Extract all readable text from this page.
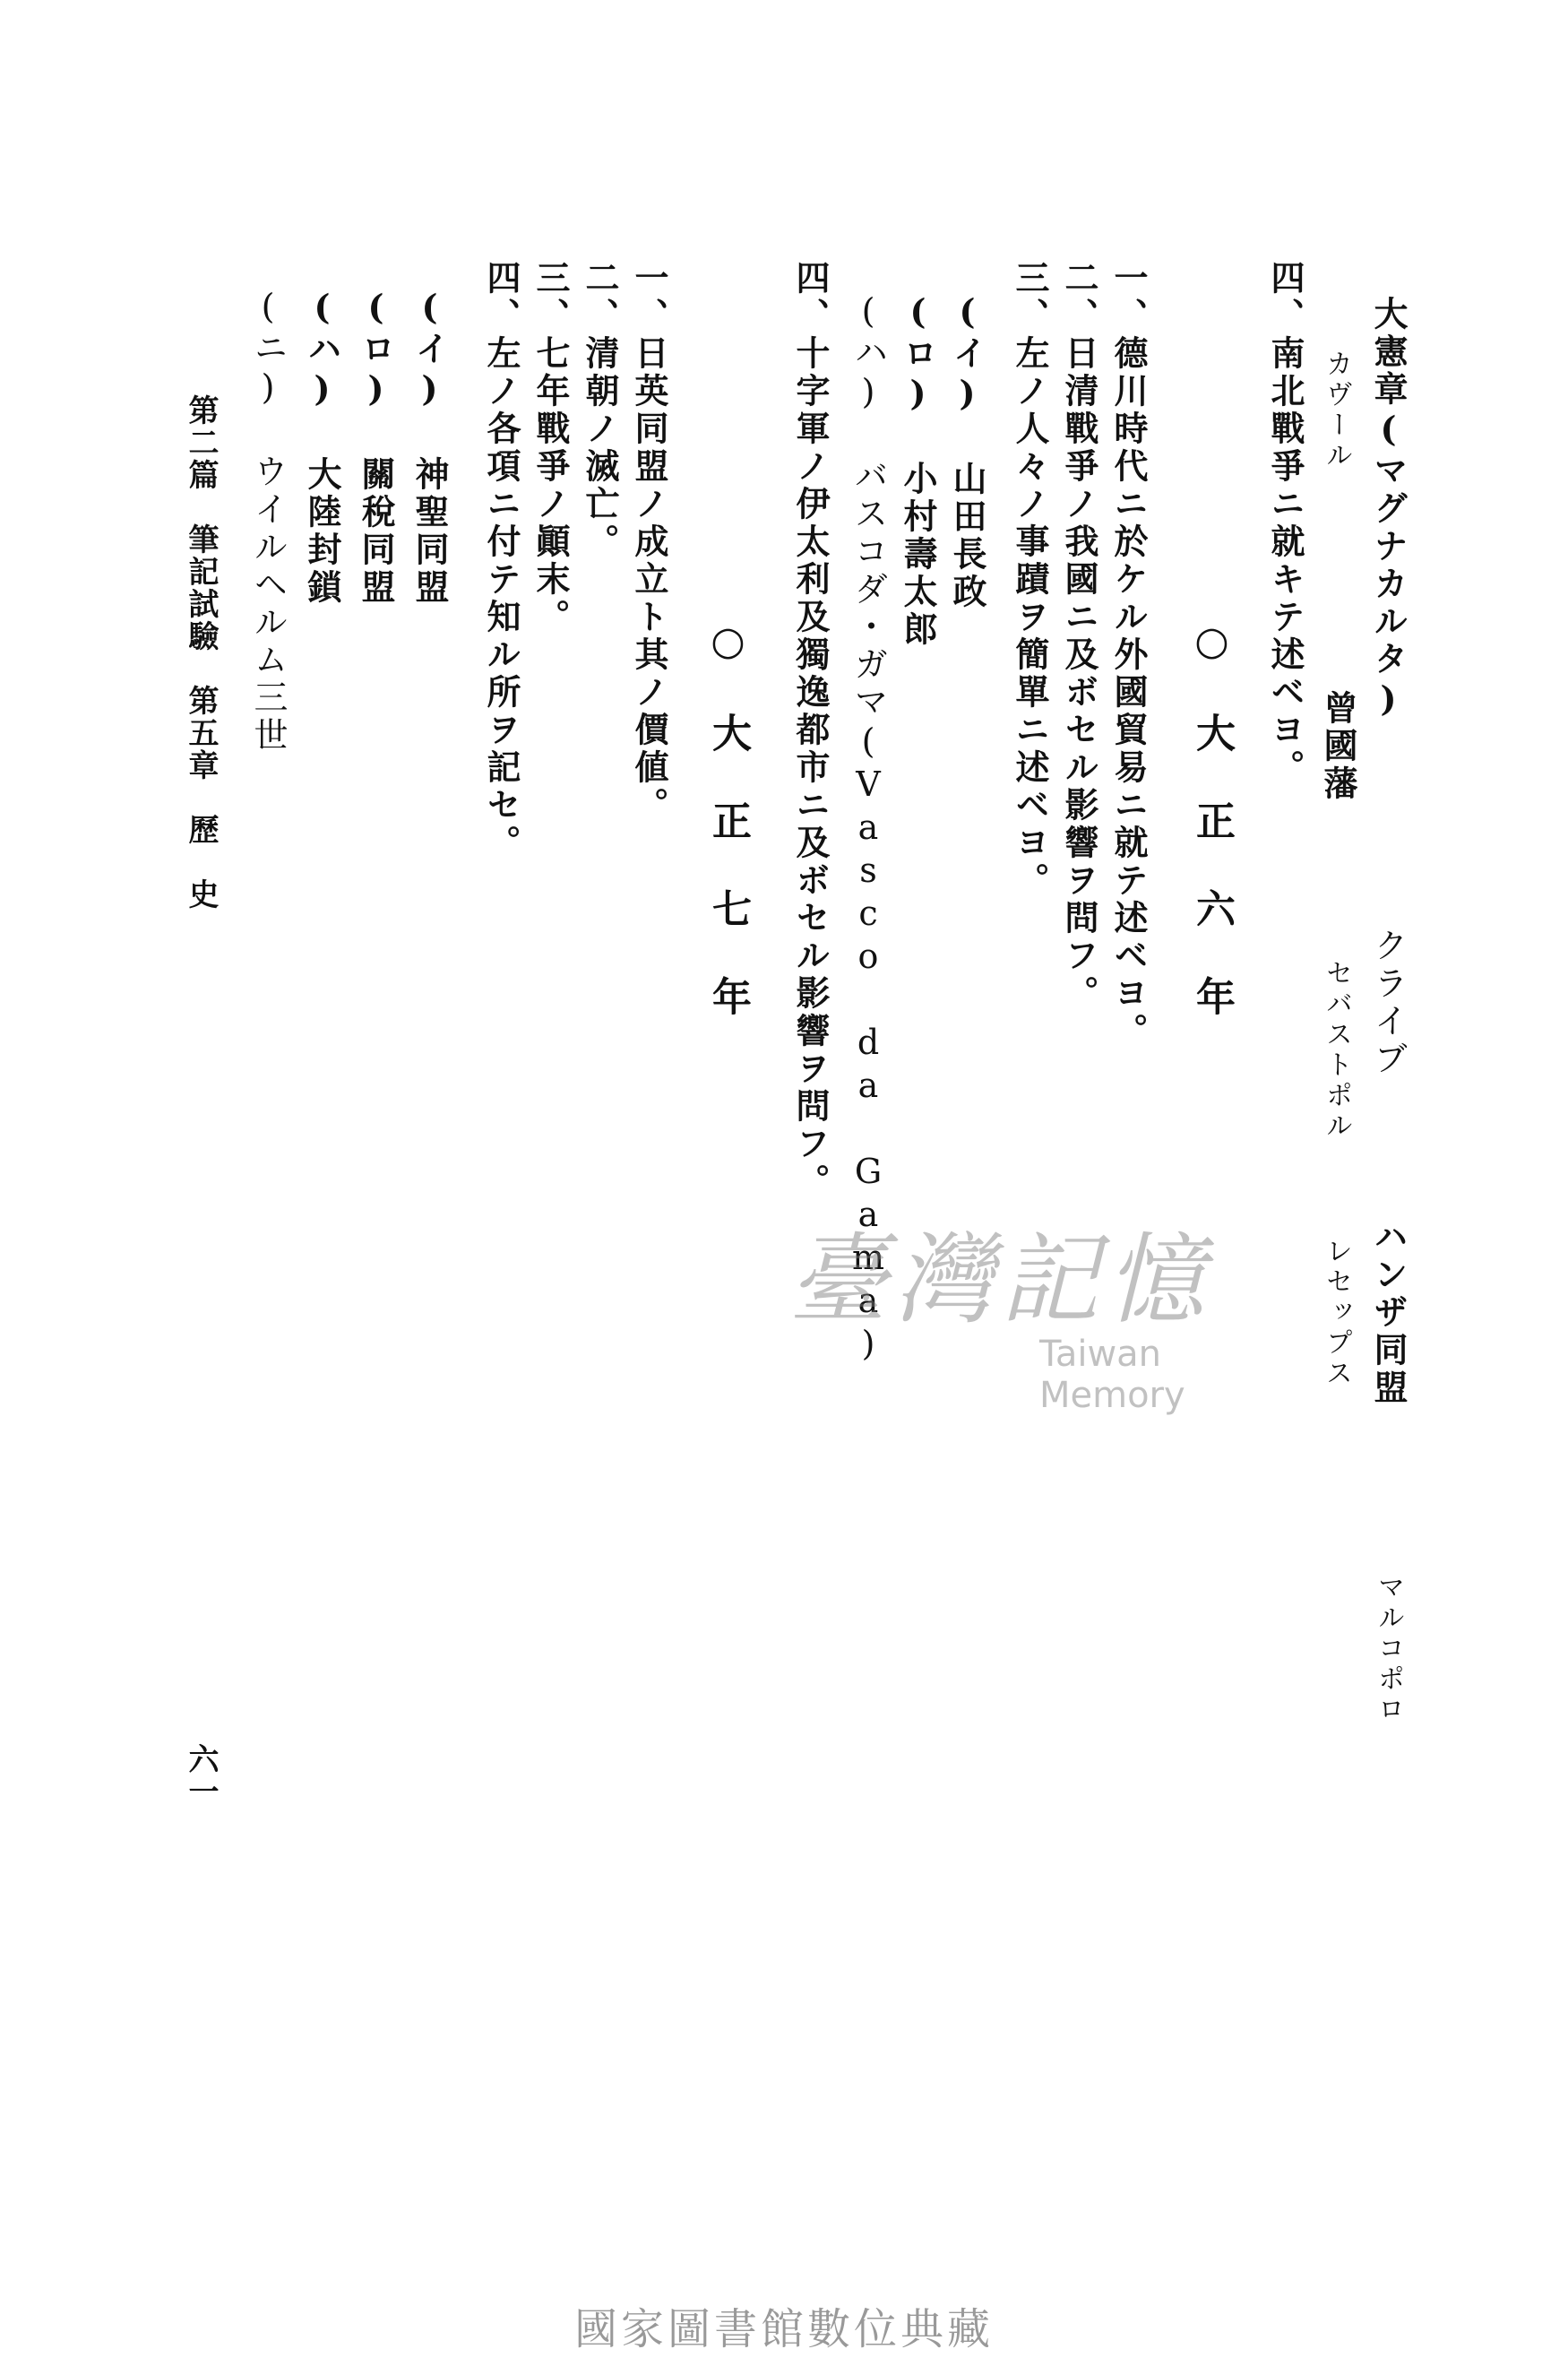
大憲章(マグナカルタ)
クライブ
ハンザ同盟
マルコポロ
カヴール
曾國藩
セバストポル
レセップス
四、南北戰爭ニ就キテ述ベヨ。
○大正六年
一、德川時代ニ於ケル外國貿易ニ就テ述ベヨ。
二、日清戰爭ノ我國ニ及ボセル影響ヲ問フ。
三、左ノ人々ノ事蹟ヲ簡單ニ述ベヨ。
(イ) 山田長政
(ロ) 小村壽太郎
(ハ) バスコダ・ガマ(Vasco da Gama)
四、十字軍ノ伊太利及獨逸都市ニ及ボセル影響ヲ問フ。
○大正七年
一、日英同盟ノ成立ト其ノ價値。
二、清朝ノ滅亡。
三、七年戰爭ノ顚末。
四、左ノ各項ニ付テ知ル所ヲ記セ。
(イ) 神聖同盟
(ロ) 關稅同盟
(ハ) 大陸封鎖
(ニ) ウイルヘルム三世
第二篇　筆記試驗　第五章　歷　史
六一
臺灣記憶
Taiwan Memory
國家圖書館數位典藏
